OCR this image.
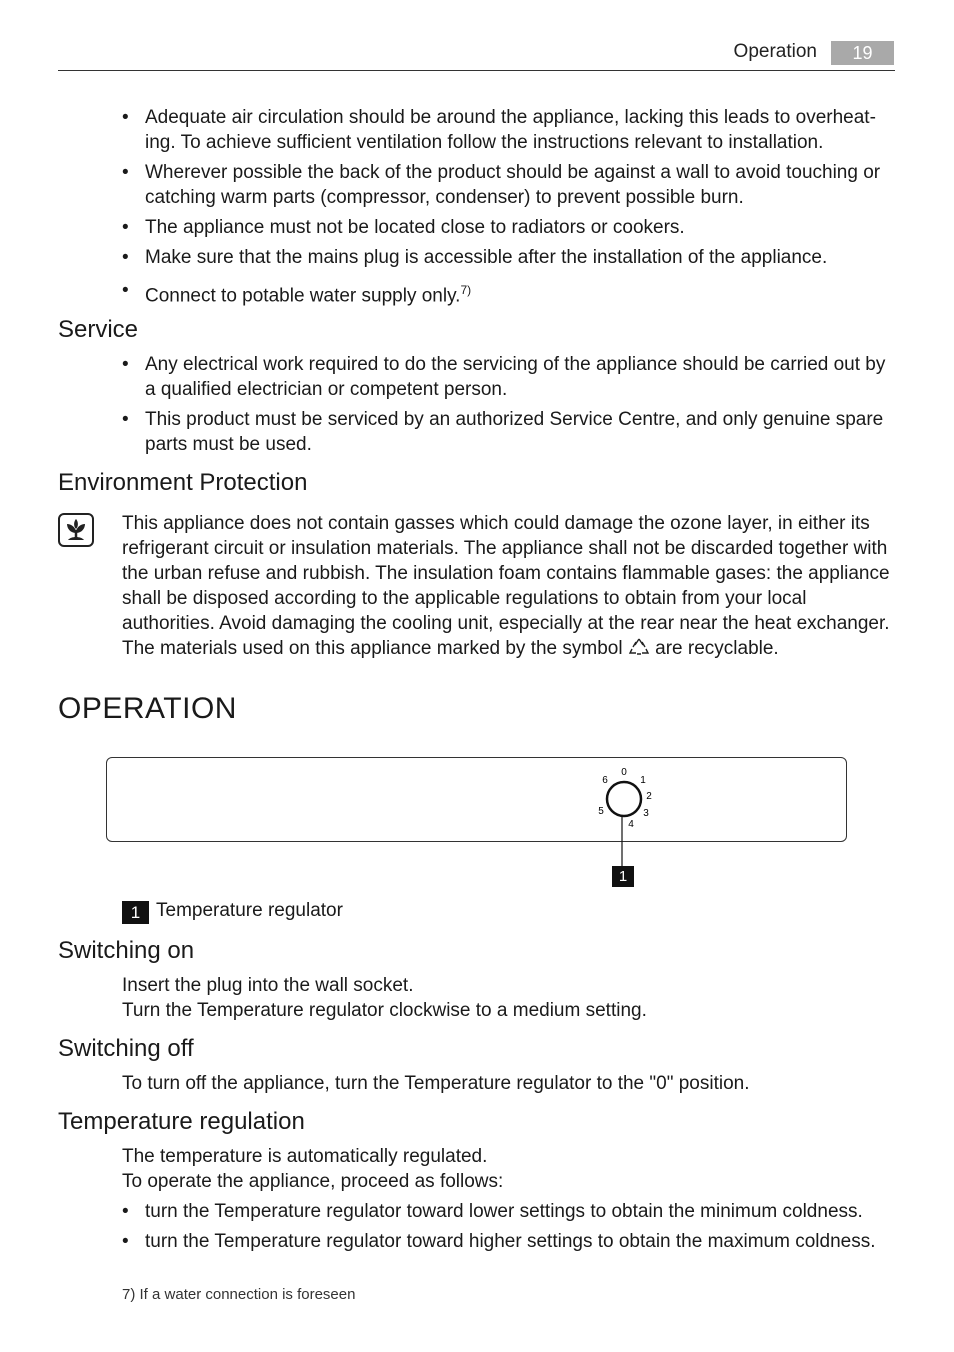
Operation	19
• Adequate air circulation should be around the appliance, lacking this leads to overheat-ing. To achieve sufficient ventilation follow the instructions relevant to installation.
• Wherever possible the back of the product should be against a wall to avoid touching or catching warm parts (compressor, condenser) to prevent possible burn.
• The appliance must not be located close to radiators or cookers.
• Make sure that the mains plug is accessible after the installation of the appliance.
• Connect to potable water supply only.$^{7)}$
Service
• Any electrical work required to do the servicing of the appliance should be carried out by a qualified electrician or competent person.
• This product must be serviced by an authorized Service Centre, and only genuine spare parts must be used.
Environment Protection
This appliance does not contain gasses which could damage the ozone layer, in either its refrigerant circuit or insulation materials. The appliance shall not be discarded together with the urban refuse and rubbish. The insulation foam contains flammable gases: the appliance shall be disposed according to the applicable regulations to obtain from your local authorities. Avoid damaging the cooling unit, especially at the rear near the heat exchanger. The materials used on this appliance marked by the symbol are recyclable.
OPERATION
0
1
2
3
4
5
6
1
1 Temperature regulator
Switching on
Insert the plug into the wall socket.
Turn the Temperature regulator clockwise to a medium setting.
Switching off
To turn off the appliance, turn the Temperature regulator to the "0" position.
Temperature regulation
The temperature is automatically regulated.
To operate the appliance, proceed as follows:
• turn the Temperature regulator toward lower settings to obtain the minimum coldness.
• turn the Temperature regulator toward higher settings to obtain the maximum coldness.
7) If a water connection is foreseen
